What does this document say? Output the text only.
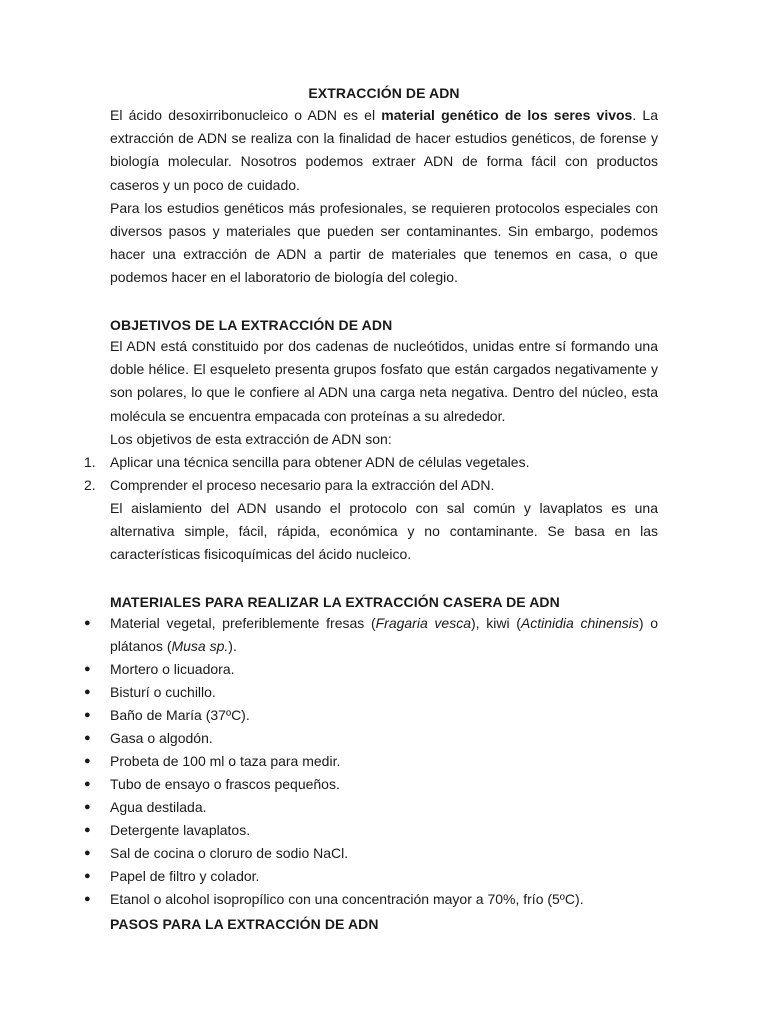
EXTRACCIÓN DE ADN

El ácido desoxirribonucleico o ADN es el material genético de los seres vivos. La extracción de ADN se realiza con la finalidad de hacer estudios genéticos, de forense y biología molecular. Nosotros podemos extraer ADN de forma fácil con productos caseros y un poco de cuidado.

Para los estudios genéticos más profesionales, se requieren protocolos especiales con diversos pasos y materiales que pueden ser contaminantes. Sin embargo, podemos hacer una extracción de ADN a partir de materiales que tenemos en casa, o que podemos hacer en el laboratorio de biología del colegio.

OBJETIVOS DE LA EXTRACCIÓN DE ADN

El ADN está constituido por dos cadenas de nucleótidos, unidas entre sí formando una doble hélice. El esqueleto presenta grupos fosfato que están cargados negativamente y son polares, lo que le confiere al ADN una carga neta negativa. Dentro del núcleo, esta molécula se encuentra empacada con proteínas a su alrededor.

Los objetivos de esta extracción de ADN son:

1. Aplicar una técnica sencilla para obtener ADN de células vegetales.
2. Comprender el proceso necesario para la extracción del ADN.

El aislamiento del ADN usando el protocolo con sal común y lavaplatos es una alternativa simple, fácil, rápida, económica y no contaminante. Se basa en las características fisicoquímicas del ácido nucleico.

MATERIALES PARA REALIZAR LA EXTRACCIÓN CASERA DE ADN
● Material vegetal, preferiblemente fresas (Fragaria vesca), kiwi (Actinidia chinensis) o plátanos (Musa sp.).
● Mortero o licuadora.
● Bisturí o cuchillo.
● Baño de María (37ºC).
● Gasa o algodón.
● Probeta de 100 ml o taza para medir.
● Tubo de ensayo o frascos pequeños.
● Agua destilada.
● Detergente lavaplatos.
● Sal de cocina o cloruro de sodio NaCl.
● Papel de filtro y colador.
● Etanol o alcohol isopropílico con una concentración mayor a 70%, frío (5ºC).
PASOS PARA LA EXTRACCIÓN DE ADN
